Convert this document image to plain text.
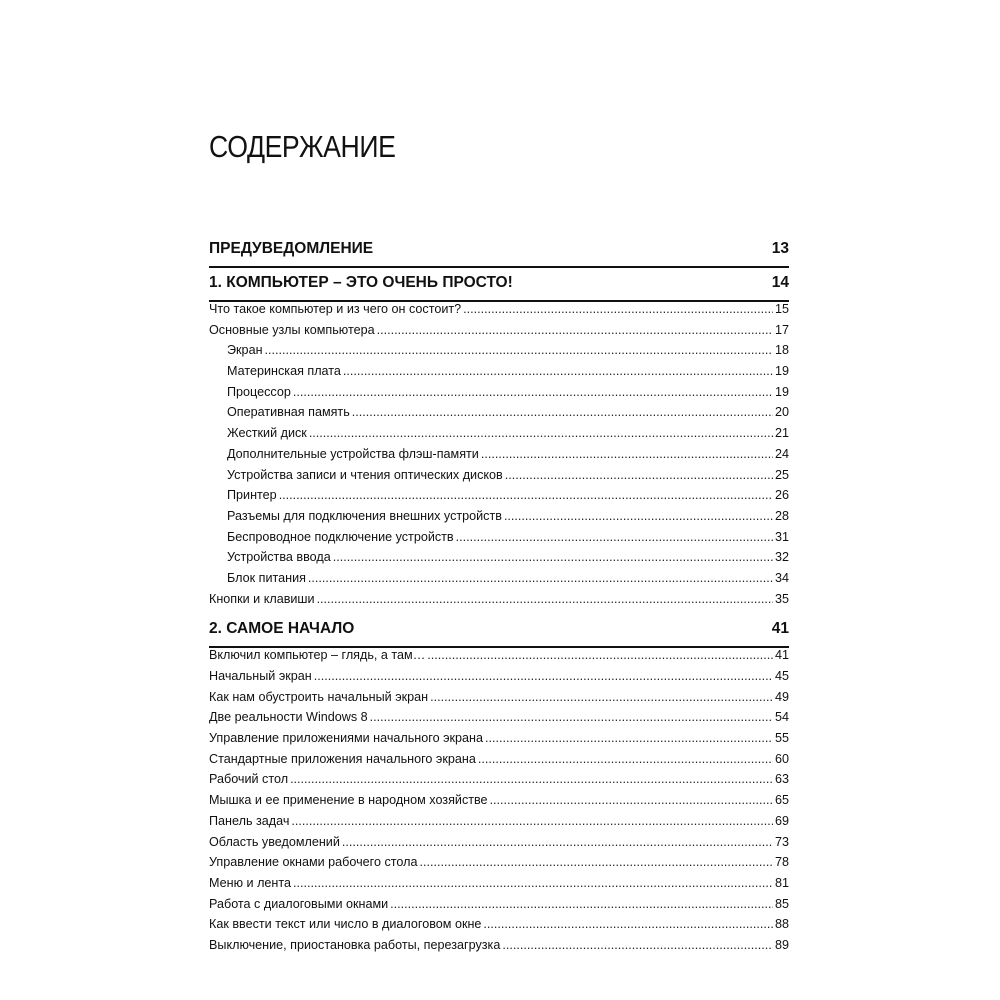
СОДЕРЖАНИЕ
ПРЕДУВЕДОМЛЕНИЕ	13
1. КОМПЬЮТЕР – ЭТО ОЧЕНЬ ПРОСТО!	14
Что такое компьютер и из чего он состоит? .....	15
Основные узлы компьютера .....	17
Экран .....	18
Материнская плата .....	19
Процессор .....	19
Оперативная память .....	20
Жесткий диск .....	21
Дополнительные устройства флэш-памяти .....	24
Устройства записи и чтения оптических дисков .....	25
Принтер .....	26
Разъемы для подключения внешних устройств .....	28
Беспроводное подключение устройств .....	31
Устройства ввода .....	32
Блок питания .....	34
Кнопки и клавиши .....	35
2. САМОЕ НАЧАЛО	41
Включил компьютер – глядь, а там… .....	41
Начальный экран .....	45
Как нам обустроить начальный экран .....	49
Две реальности Windows 8 .....	54
Управление приложениями начального экрана .....	55
Стандартные приложения начального экрана .....	60
Рабочий стол .....	63
Мышка и ее применение в народном хозяйстве .....	65
Панель задач .....	69
Область уведомлений .....	73
Управление окнами рабочего стола .....	78
Меню и лента .....	81
Работа с диалоговыми окнами .....	85
Как ввести текст или число в диалоговом окне .....	88
Выключение, приостановка работы, перезагрузка .....	89
